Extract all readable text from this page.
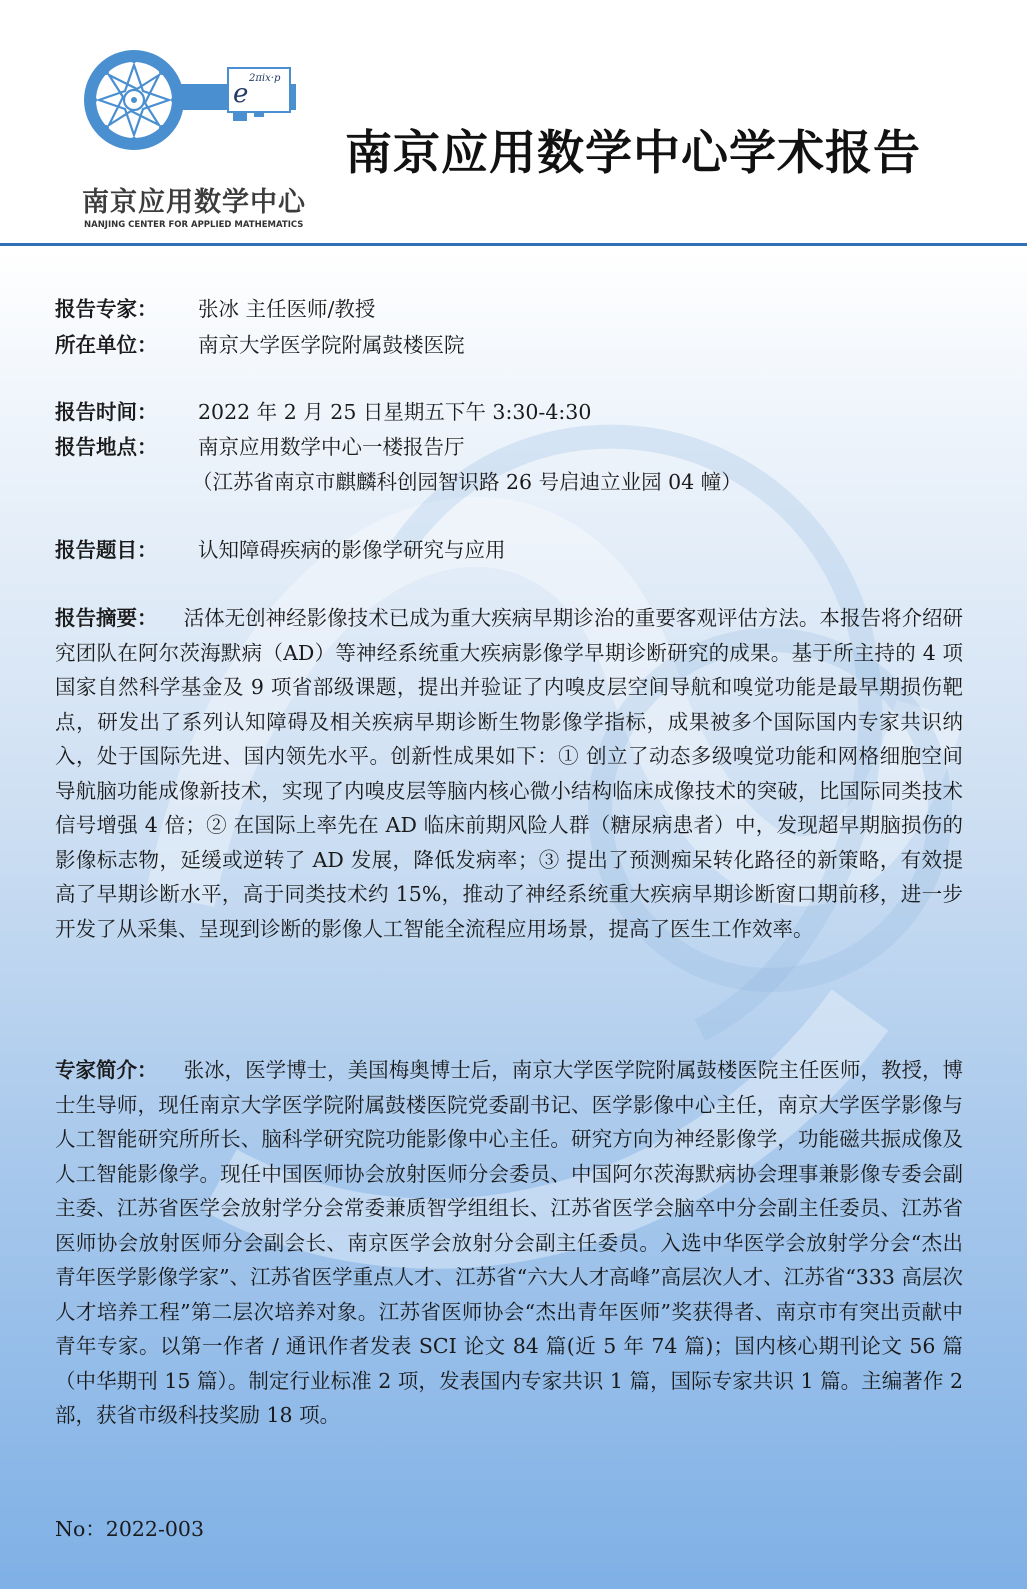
e
2πix·p
南京应用数学中心
NANJING CENTER FOR APPLIED MATHEMATICS
南京应用数学中心学术报告
报告专家： 张冰 主任医师/教授
所在单位： 南京大学医学院附属鼓楼医院
报告时间： 2022 年 2 月 25 日星期五下午 3:30-4:30
报告地点： 南京应用数学中心一楼报告厅
（江苏省南京市麒麟科创园智识路 26 号启迪立业园 04 幢）
报告题目： 认知障碍疾病的影像学研究与应用
报告摘要： 活体无创神经影像技术已成为重大疾病早期诊治的重要客观评估方法。本报告将介绍研究团队在阿尔茨海默病（AD）等神经系统重大疾病影像学早期诊断研究的成果。基于所主持的 4 项国家自然科学基金及 9 项省部级课题，提出并验证了内嗅皮层空间导航和嗅觉功能是最早期损伤靶点，研发出了系列认知障碍及相关疾病早期诊断生物影像学指标，成果被多个国际国内专家共识纳入，处于国际先进、国内领先水平。创新性成果如下：① 创立了动态多级嗅觉功能和网格细胞空间导航脑功能成像新技术，实现了内嗅皮层等脑内核心微小结构临床成像技术的突破，比国际同类技术信号增强 4 倍；② 在国际上率先在 AD 临床前期风险人群（糖尿病患者）中，发现超早期脑损伤的影像标志物，延缓或逆转了 AD 发展，降低发病率；③ 提出了预测痴呆转化路径的新策略，有效提高了早期诊断水平，高于同类技术约 15%，推动了神经系统重大疾病早期诊断窗口期前移，进一步开发了从采集、呈现到诊断的影像人工智能全流程应用场景，提高了医生工作效率。
专家简介： 张冰，医学博士，美国梅奥博士后，南京大学医学院附属鼓楼医院主任医师，教授，博士生导师，现任南京大学医学院附属鼓楼医院党委副书记、医学影像中心主任，南京大学医学影像与人工智能研究所所长、脑科学研究院功能影像中心主任。研究方向为神经影像学，功能磁共振成像及人工智能影像学。现任中国医师协会放射医师分会委员、中国阿尔茨海默病协会理事兼影像专委会副主委、江苏省医学会放射学分会常委兼质智学组组长、江苏省医学会脑卒中分会副主任委员、江苏省医师协会放射医师分会副会长、南京医学会放射分会副主任委员。入选中华医学会放射学分会“杰出青年医学影像学家”、江苏省医学重点人才、江苏省“六大人才高峰”高层次人才、江苏省“333 高层次人才培养工程”第二层次培养对象。江苏省医师协会“杰出青年医师”奖获得者、南京市有突出贡献中青年专家。以第一作者 / 通讯作者发表 SCI 论文 84 篇(近 5 年 74 篇)；国内核心期刊论文 56 篇（中华期刊 15 篇）。制定行业标准 2 项，发表国内专家共识 1 篇，国际专家共识 1 篇。主编著作 2 部，获省市级科技奖励 18 项。
No：2022-003
